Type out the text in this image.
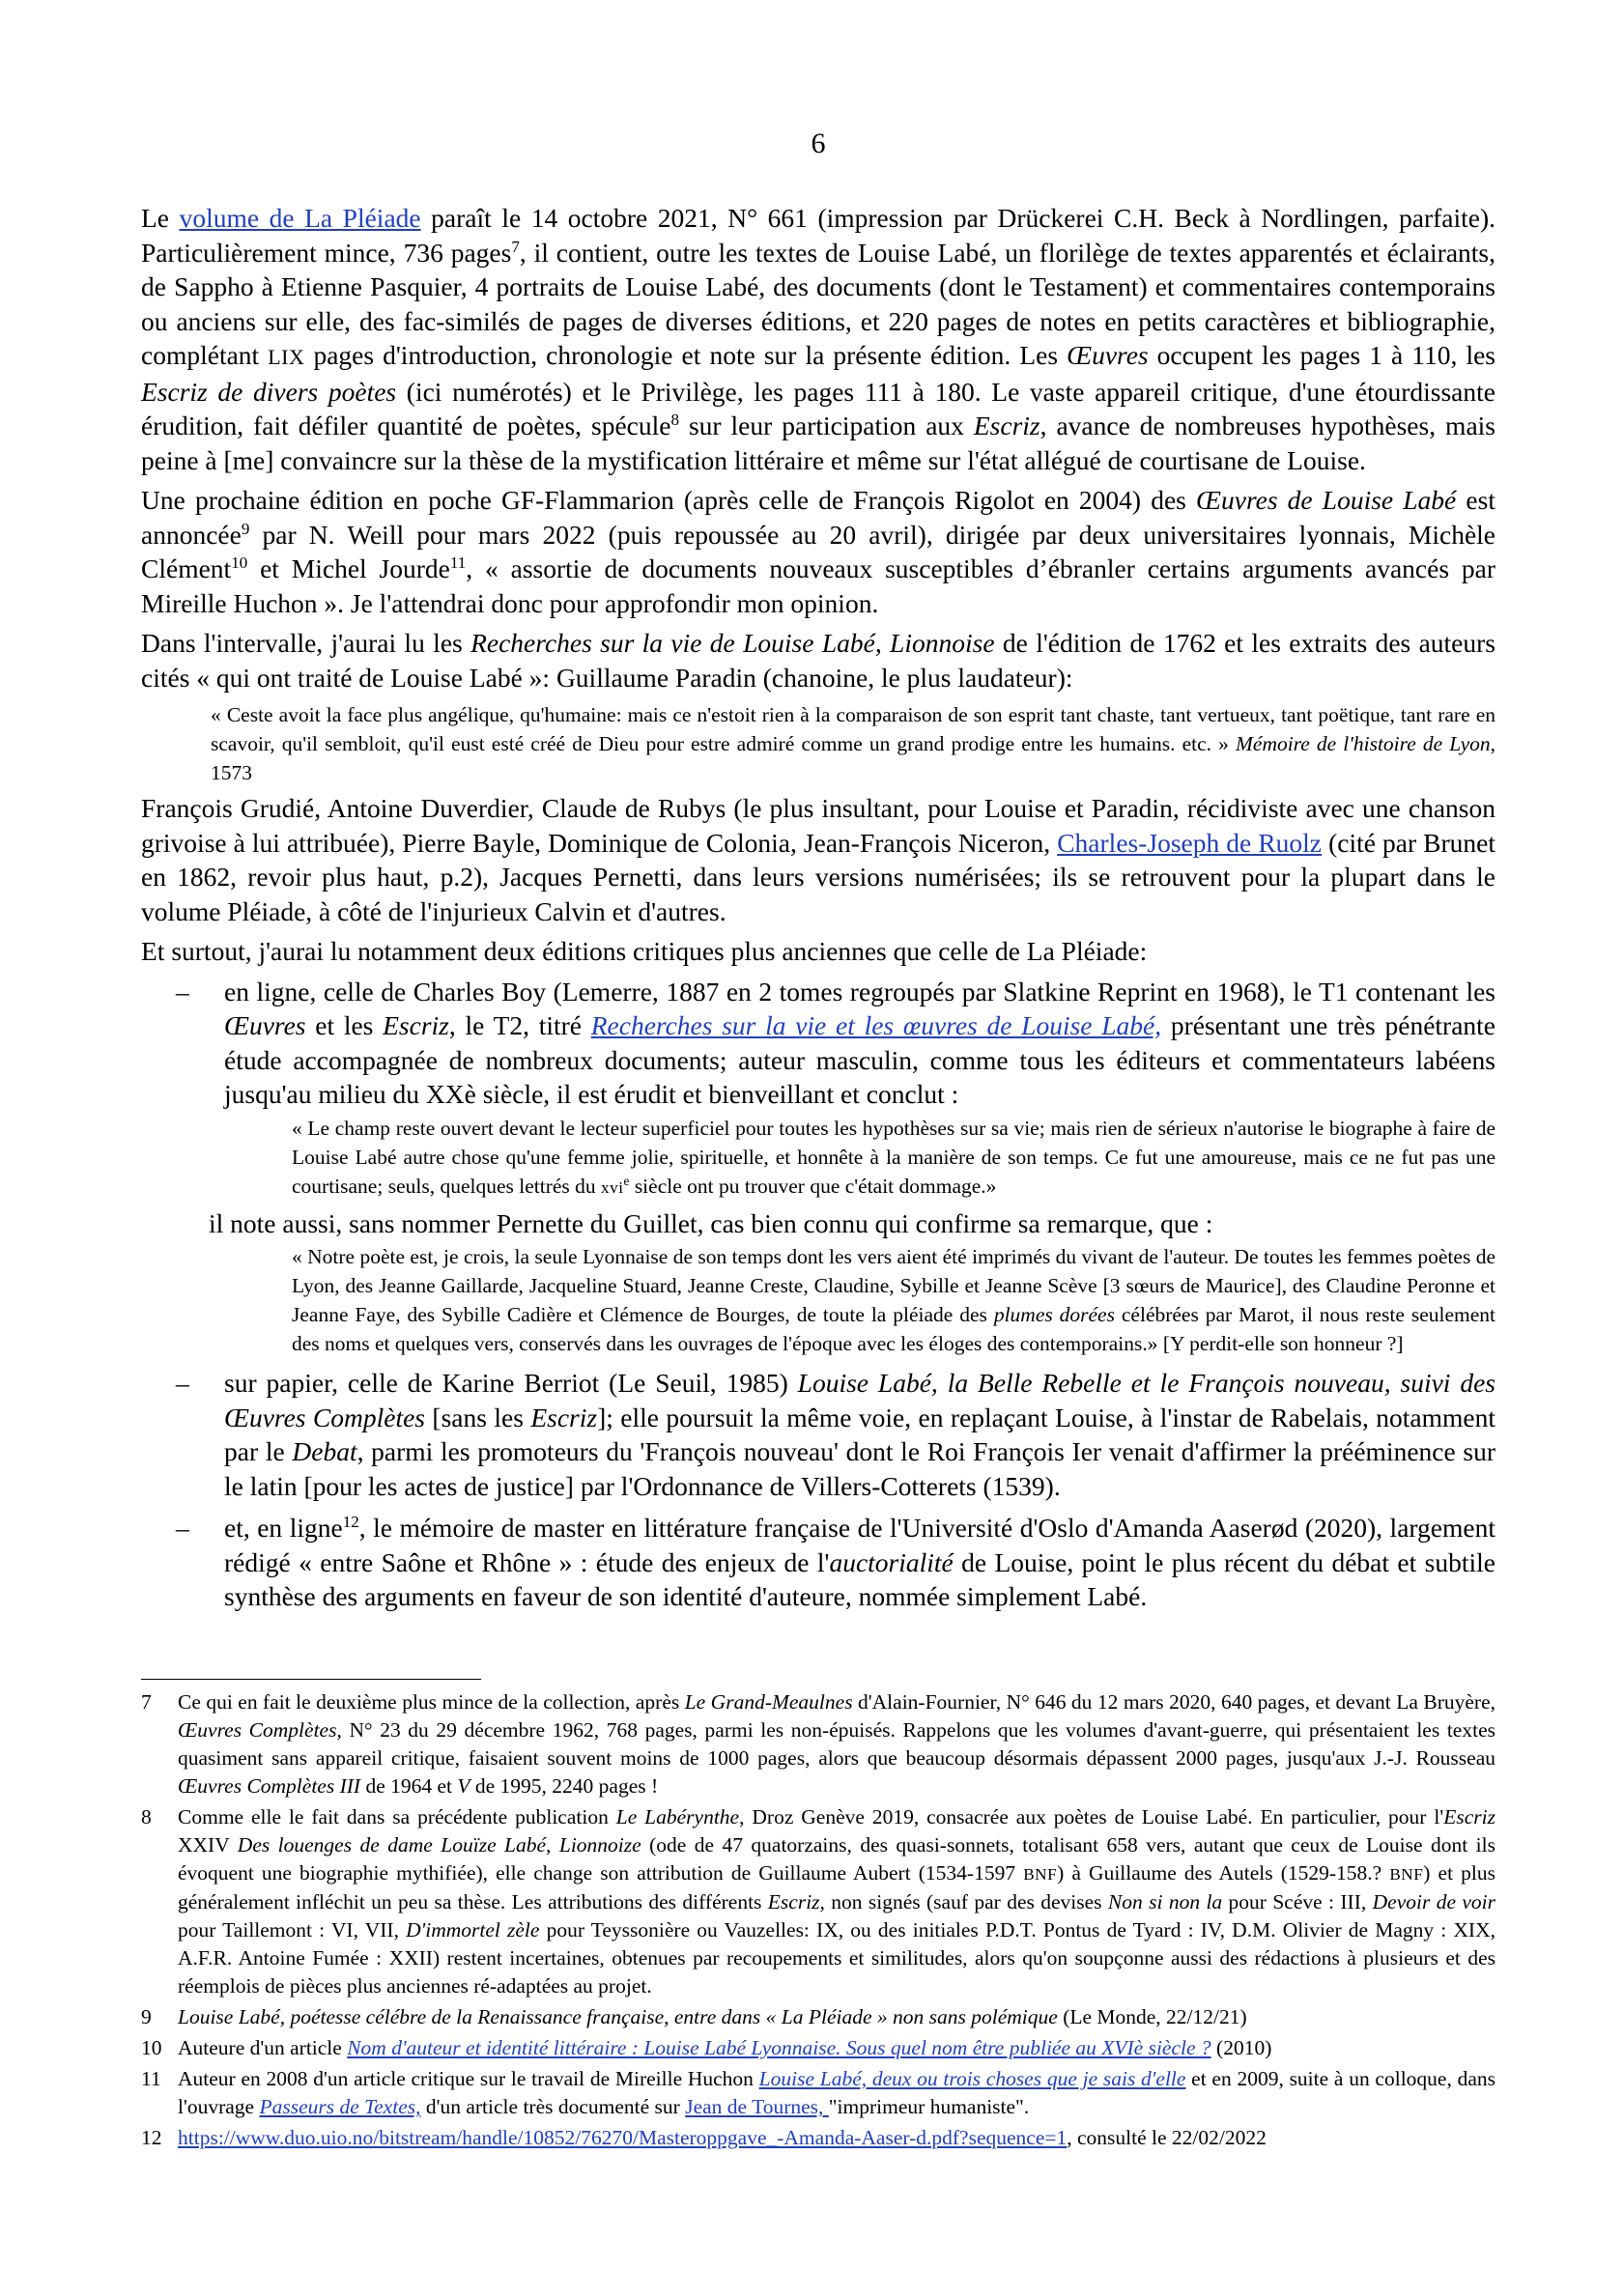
6

Le volume de La Pléiade paraît le 14 octobre 2021, N° 661 (impression par Drückerei C.H. Beck à Nordlingen, parfaite). Particulièrement mince, 736 pages$^7$, il contient, outre les textes de Louise Labé, un florilège de textes apparentés et éclairants, de Sappho à Etienne Pasquier, 4 portraits de Louise Labé, des documents (dont le Testament) et commentaires contemporains ou anciens sur elle, des fac-similés de pages de diverses éditions, et 220 pages de notes en petits caractères et bibliographie, complétant LIX pages d'introduction, chronologie et note sur la présente édition. Les Œuvres occupent les pages 1 à 110, les Escriz de divers poètes (ici numérotés) et le Privilège, les pages 111 à 180. Le vaste appareil critique, d'une étourdissante érudition, fait défiler quantité de poètes, spécule$^8$ sur leur participation aux Escriz, avance de nombreuses hypothèses, mais peine à [me] convaincre sur la thèse de la mystification littéraire et même sur l'état allégué de courtisane de Louise.

Une prochaine édition en poche GF-Flammarion (après celle de François Rigolot en 2004) des Œuvres de Louise Labé est annoncée$^9$ par N. Weill pour mars 2022 (puis repoussée au 20 avril), dirigée par deux universitaires lyonnais, Michèle Clément$^{10}$ et Michel Jourde$^{11}$, « assortie de documents nouveaux susceptibles d’ébranler certains arguments avancés par Mireille Huchon ». Je l'attendrai donc pour approfondir mon opinion.

Dans l'intervalle, j'aurai lu les Recherches sur la vie de Louise Labé, Lionnoise de l'édition de 1762 et les extraits des auteurs cités « qui ont traité de Louise Labé »: Guillaume Paradin (chanoine, le plus laudateur):

« Ceste avoit la face plus angélique, qu'humaine: mais ce n'estoit rien à la comparaison de son esprit tant chaste, tant vertueux, tant poëtique, tant rare en scavoir, qu'il sembloit, qu'il eust esté créé de Dieu pour estre admiré comme un grand prodige entre les humains. etc. » Mémoire de l'histoire de Lyon, 1573

François Grudié, Antoine Duverdier, Claude de Rubys (le plus insultant, pour Louise et Paradin, récidiviste avec une chanson grivoise à lui attribuée), Pierre Bayle, Dominique de Colonia, Jean-François Niceron, Charles-Joseph de Ruolz (cité par Brunet en 1862, revoir plus haut, p.2), Jacques Pernetti, dans leurs versions numérisées; ils se retrouvent pour la plupart dans le volume Pléiade, à côté de l'injurieux Calvin et d'autres.

Et surtout, j'aurai lu notamment deux éditions critiques plus anciennes que celle de La Pléiade:

– en ligne, celle de Charles Boy (Lemerre, 1887 en 2 tomes regroupés par Slatkine Reprint en 1968), le T1 contenant les Œuvres et les Escriz, le T2, titré Recherches sur la vie et les œuvres de Louise Labé, présentant une très pénétrante étude accompagnée de nombreux documents; auteur masculin, comme tous les éditeurs et commentateurs labéens jusqu'au milieu du XXè siècle, il est érudit et bienveillant et conclut :

« Le champ reste ouvert devant le lecteur superficiel pour toutes les hypothèses sur sa vie; mais rien de sérieux n'autorise le biographe à faire de Louise Labé autre chose qu'une femme jolie, spirituelle, et honnête à la manière de son temps. Ce fut une amoureuse, mais ce ne fut pas une courtisane; seuls, quelques lettrés du xvi$^e$ siècle ont pu trouver que c'était dommage.»

il note aussi, sans nommer Pernette du Guillet, cas bien connu qui confirme sa remarque, que :

« Notre poète est, je crois, la seule Lyonnaise de son temps dont les vers aient été imprimés du vivant de l'auteur. De toutes les femmes poètes de Lyon, des Jeanne Gaillarde, Jacqueline Stuard, Jeanne Creste, Claudine, Sybille et Jeanne Scève [3 sœurs de Maurice], des Claudine Peronne et Jeanne Faye, des Sybille Cadière et Clémence de Bourges, de toute la pléiade des plumes dorées célébrées par Marot, il nous reste seulement des noms et quelques vers, conservés dans les ouvrages de l'époque avec les éloges des contemporains.» [Y perdit-elle son honneur ?]
– sur papier, celle de Karine Berriot (Le Seuil, 1985) Louise Labé, la Belle Rebelle et le François nouveau, suivi des Œuvres Complètes [sans les Escriz]; elle poursuit la même voie, en replaçant Louise, à l'instar de Rabelais, notamment par le Debat, parmi les promoteurs du 'François nouveau' dont le Roi François Ier venait d'affirmer la prééminence sur le latin [pour les actes de justice] par l'Ordonnance de Villers-Cotterets (1539).

– et, en ligne$^{12}$, le mémoire de master en littérature française de l'Université d'Oslo d'Amanda Aaserød (2020), largement rédigé « entre Saône et Rhône » : étude des enjeux de l'auctorialité de Louise, point le plus récent du débat et subtile synthèse des arguments en faveur de son identité d'auteure, nommée simplement Labé.

7 Ce qui en fait le deuxième plus mince de la collection, après Le Grand-Meaulnes d'Alain-Fournier, N° 646 du 12 mars 2020, 640 pages, et devant La Bruyère, Œuvres Complètes, N° 23 du 29 décembre 1962, 768 pages, parmi les non-épuisés. Rappelons que les volumes d'avant-guerre, qui présentaient les textes quasiment sans appareil critique, faisaient souvent moins de 1000 pages, alors que beaucoup désormais dépassent 2000 pages, jusqu'aux J.-J. Rousseau Œuvres Complètes III de 1964 et V de 1995, 2240 pages !
8 Comme elle le fait dans sa précédente publication Le Labérynthe, Droz Genève 2019, consacrée aux poètes de Louise Labé. En particulier, pour l'Escriz XXIV Des louenges de dame Louïze Labé, Lionnoize (ode de 47 quatorzains, des quasi-sonnets, totalisant 658 vers, autant que ceux de Louise dont ils évoquent une biographie mythifiée), elle change son attribution de Guillaume Aubert (1534-1597 BNF) à Guillaume des Autels (1529-158.? BNF) et plus généralement infléchit un peu sa thèse. Les attributions des différents Escriz, non signés (sauf par des devises Non si non la pour Scéve : III, Devoir de voir pour Taillemont : VI, VII, D'immortel zèle pour Teyssonière ou Vauzelles: IX, ou des initiales P.D.T. Pontus de Tyard : IV, D.M. Olivier de Magny : XIX, A.F.R. Antoine Fumée : XXII) restent incertaines, obtenues par recoupements et similitudes, alors qu'on soupçonne aussi des rédactions à plusieurs et des réemplois de pièces plus anciennes ré-adaptées au projet.
9 Louise Labé, poétesse célébre de la Renaissance française, entre dans « La Pléiade » non sans polémique (Le Monde, 22/12/21)
10 Auteure d'un article Nom d'auteur et identité littéraire : Louise Labé Lyonnaise. Sous quel nom être publiée au XVIè siècle ? (2010)
11 Auteur en 2008 d'un article critique sur le travail de Mireille Huchon Louise Labé, deux ou trois choses que je sais d'elle et en 2009, suite à un colloque, dans l'ouvrage Passeurs de Textes, d'un article très documenté sur Jean de Tournes, "imprimeur humaniste".
12 https://www.duo.uio.no/bitstream/handle/10852/76270/Masteroppgave_-Amanda-Aaser-d.pdf?sequence=1, consulté le 22/02/2022
